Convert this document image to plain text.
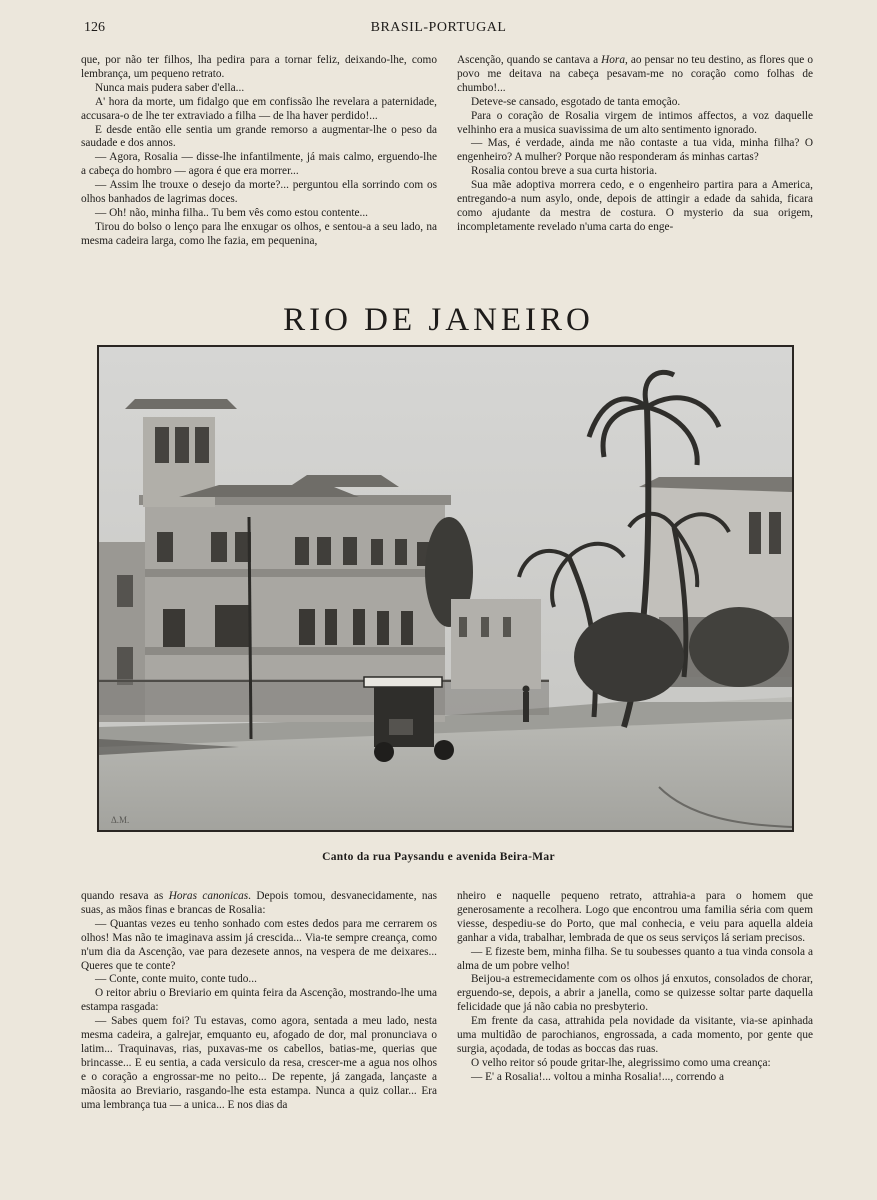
126	BRASIL-PORTUGAL

que, por não ter filhos, lha pedira para a tornar feliz, deixando-lhe, como lembrança, um pequeno retrato.

Nunca mais pudera saber d'ella...

A' hora da morte, um fidalgo que em confissão lhe revelara a paternidade, accusara-o de lhe ter extraviado a filha — de lha haver perdido!...

E desde então elle sentia um grande remorso a augmentar-lhe o peso da saudade e dos annos.

— Agora, Rosalia — disse-lhe infantilmente, já mais calmo, erguendo-lhe a cabeça do hombro — agora é que era morrer...

— Assim lhe trouxe o desejo da morte?... perguntou ella sorrindo com os olhos banhados de lagrimas doces.

— Oh! não, minha filha.. Tu bem vês como estou contente...

Tirou do bolso o lenço para lhe enxugar os olhos, e sentou-a a seu lado, na mesma cadeira larga, como lhe fazia, em pequenina,

Ascenção, quando se cantava a Hora, ao pensar no teu destino, as flores que o povo me deitava na cabeça pesavam-me no coração como folhas de chumbo!...

Deteve-se cansado, esgotado de tanta emoção.

Para o coração de Rosalia virgem de intimos affectos, a voz daquelle velhinho era a musica suavissima de um alto sentimento ignorado.

— Mas, é verdade, ainda me não contaste a tua vida, minha filha? O engenheiro? A mulher? Porque não responderam ás minhas cartas?

Rosalia contou breve a sua curta historia.

Sua mãe adoptiva morrera cedo, e o engenheiro partira para a America, entregando-a num asylo, onde, depois de attingir a edade da sahida, ficara como ajudante da mestra de costura. O mysterio da sua origem, incompletamente revelado n'uma carta do enge-

RIO DE JANEIRO
Δ.M.
Canto da rua Paysandu e avenida Beira-Mar

quando resava as Horas canonicas. Depois tomou, desvanecidamente, nas suas, as mãos finas e brancas de Rosalia:

— Quantas vezes eu tenho sonhado com estes dedos para me cerrarem os olhos! Mas não te imaginava assim já crescida... Via-te sempre creança, como n'um dia da Ascenção, vae para dezesete annos, na vespera de me deixares... Queres que te conte?

— Conte, conte muito, conte tudo...

O reitor abriu o Breviario em quinta feira da Ascenção, mostrando-lhe uma estampa rasgada:

— Sabes quem foi? Tu estavas, como agora, sentada a meu lado, nesta mesma cadeira, a galrejar, emquanto eu, afogado de dor, mal pronunciava o latim... Traquinavas, rias, puxavas-me os cabellos, batias-me, querias que brincasse... E eu sentia, a cada versiculo da resa, crescer-me a agua nos olhos e o coração a engrossar-me no peito... De repente, já zangada, lançaste a mãosita ao Breviario, rasgando-lhe esta estampa. Nunca a quiz collar... Era uma lembrança tua — a unica... E nos dias da

nheiro e naquelle pequeno retrato, attrahia-a para o homem que generosamente a recolhera. Logo que encontrou uma familia séria com quem viesse, despediu-se do Porto, que mal conhecia, e veiu para aquella aldeia ganhar a vida, trabalhar, lembrada de que os seus serviços lá seriam precisos.

— E fizeste bem, minha filha. Se tu soubesses quanto a tua vinda consola a alma de um pobre velho!

Beijou-a estremecidamente com os olhos já enxutos, consolados de chorar, erguendo-se, depois, a abrir a janella, como se quizesse soltar parte daquella felicidade que já não cabia no presbyterio.

Em frente da casa, attrahida pela novidade da visitante, via-se apinhada uma multidão de parochianos, engrossada, a cada momento, por gente que surgia, açodada, de todas as boccas das ruas.

O velho reitor só poude gritar-lhe, alegrissimo como uma creança:

— E' a Rosalia!... voltou a minha Rosalia!..., correndo a
